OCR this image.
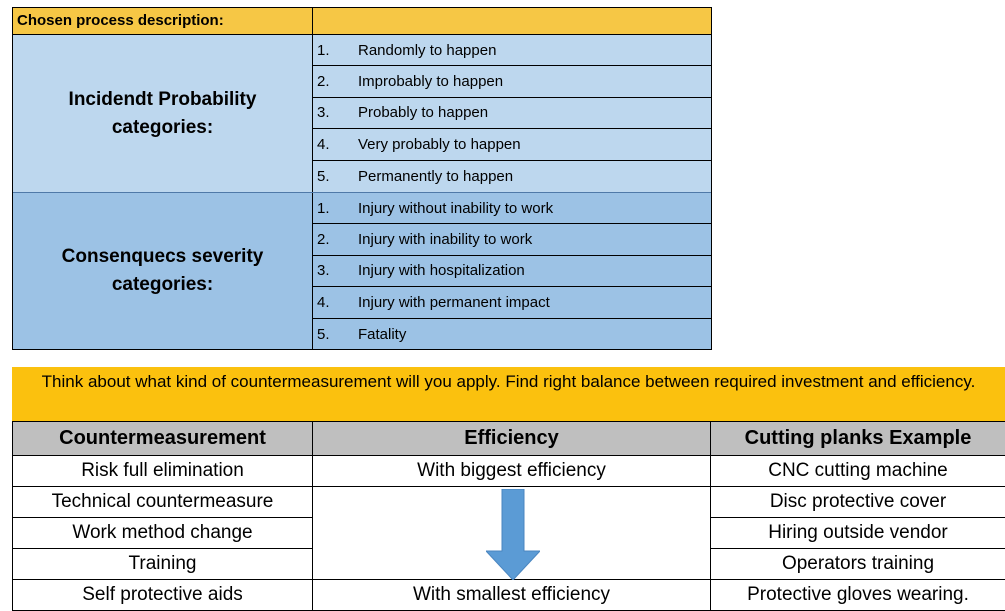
Chosen process description:
Incidendt Probability categories:
1.	Randomly to happen
2.	Improbably to happen
3.	Probably to happen
4.	Very probably to happen
5.	Permanently to happen
Consenquecs severity categories:
1.	Injury without inability to work
2.	Injury with inability to work
3.	Injury with hospitalization
4.	Injury with permanent impact
5.	Fatality
Think about what kind of countermeasurement will you apply. Find right balance between required investment and efficiency.
Countermeasurement	Efficiency	Cutting planks Example
Risk full elimination	With biggest efficiency	CNC cutting machine
Technical countermeasure		Disc protective cover
Work method change		Hiring outside vendor
Training		Operators training
Self protective aids	With smallest efficiency	Protective gloves wearing.
